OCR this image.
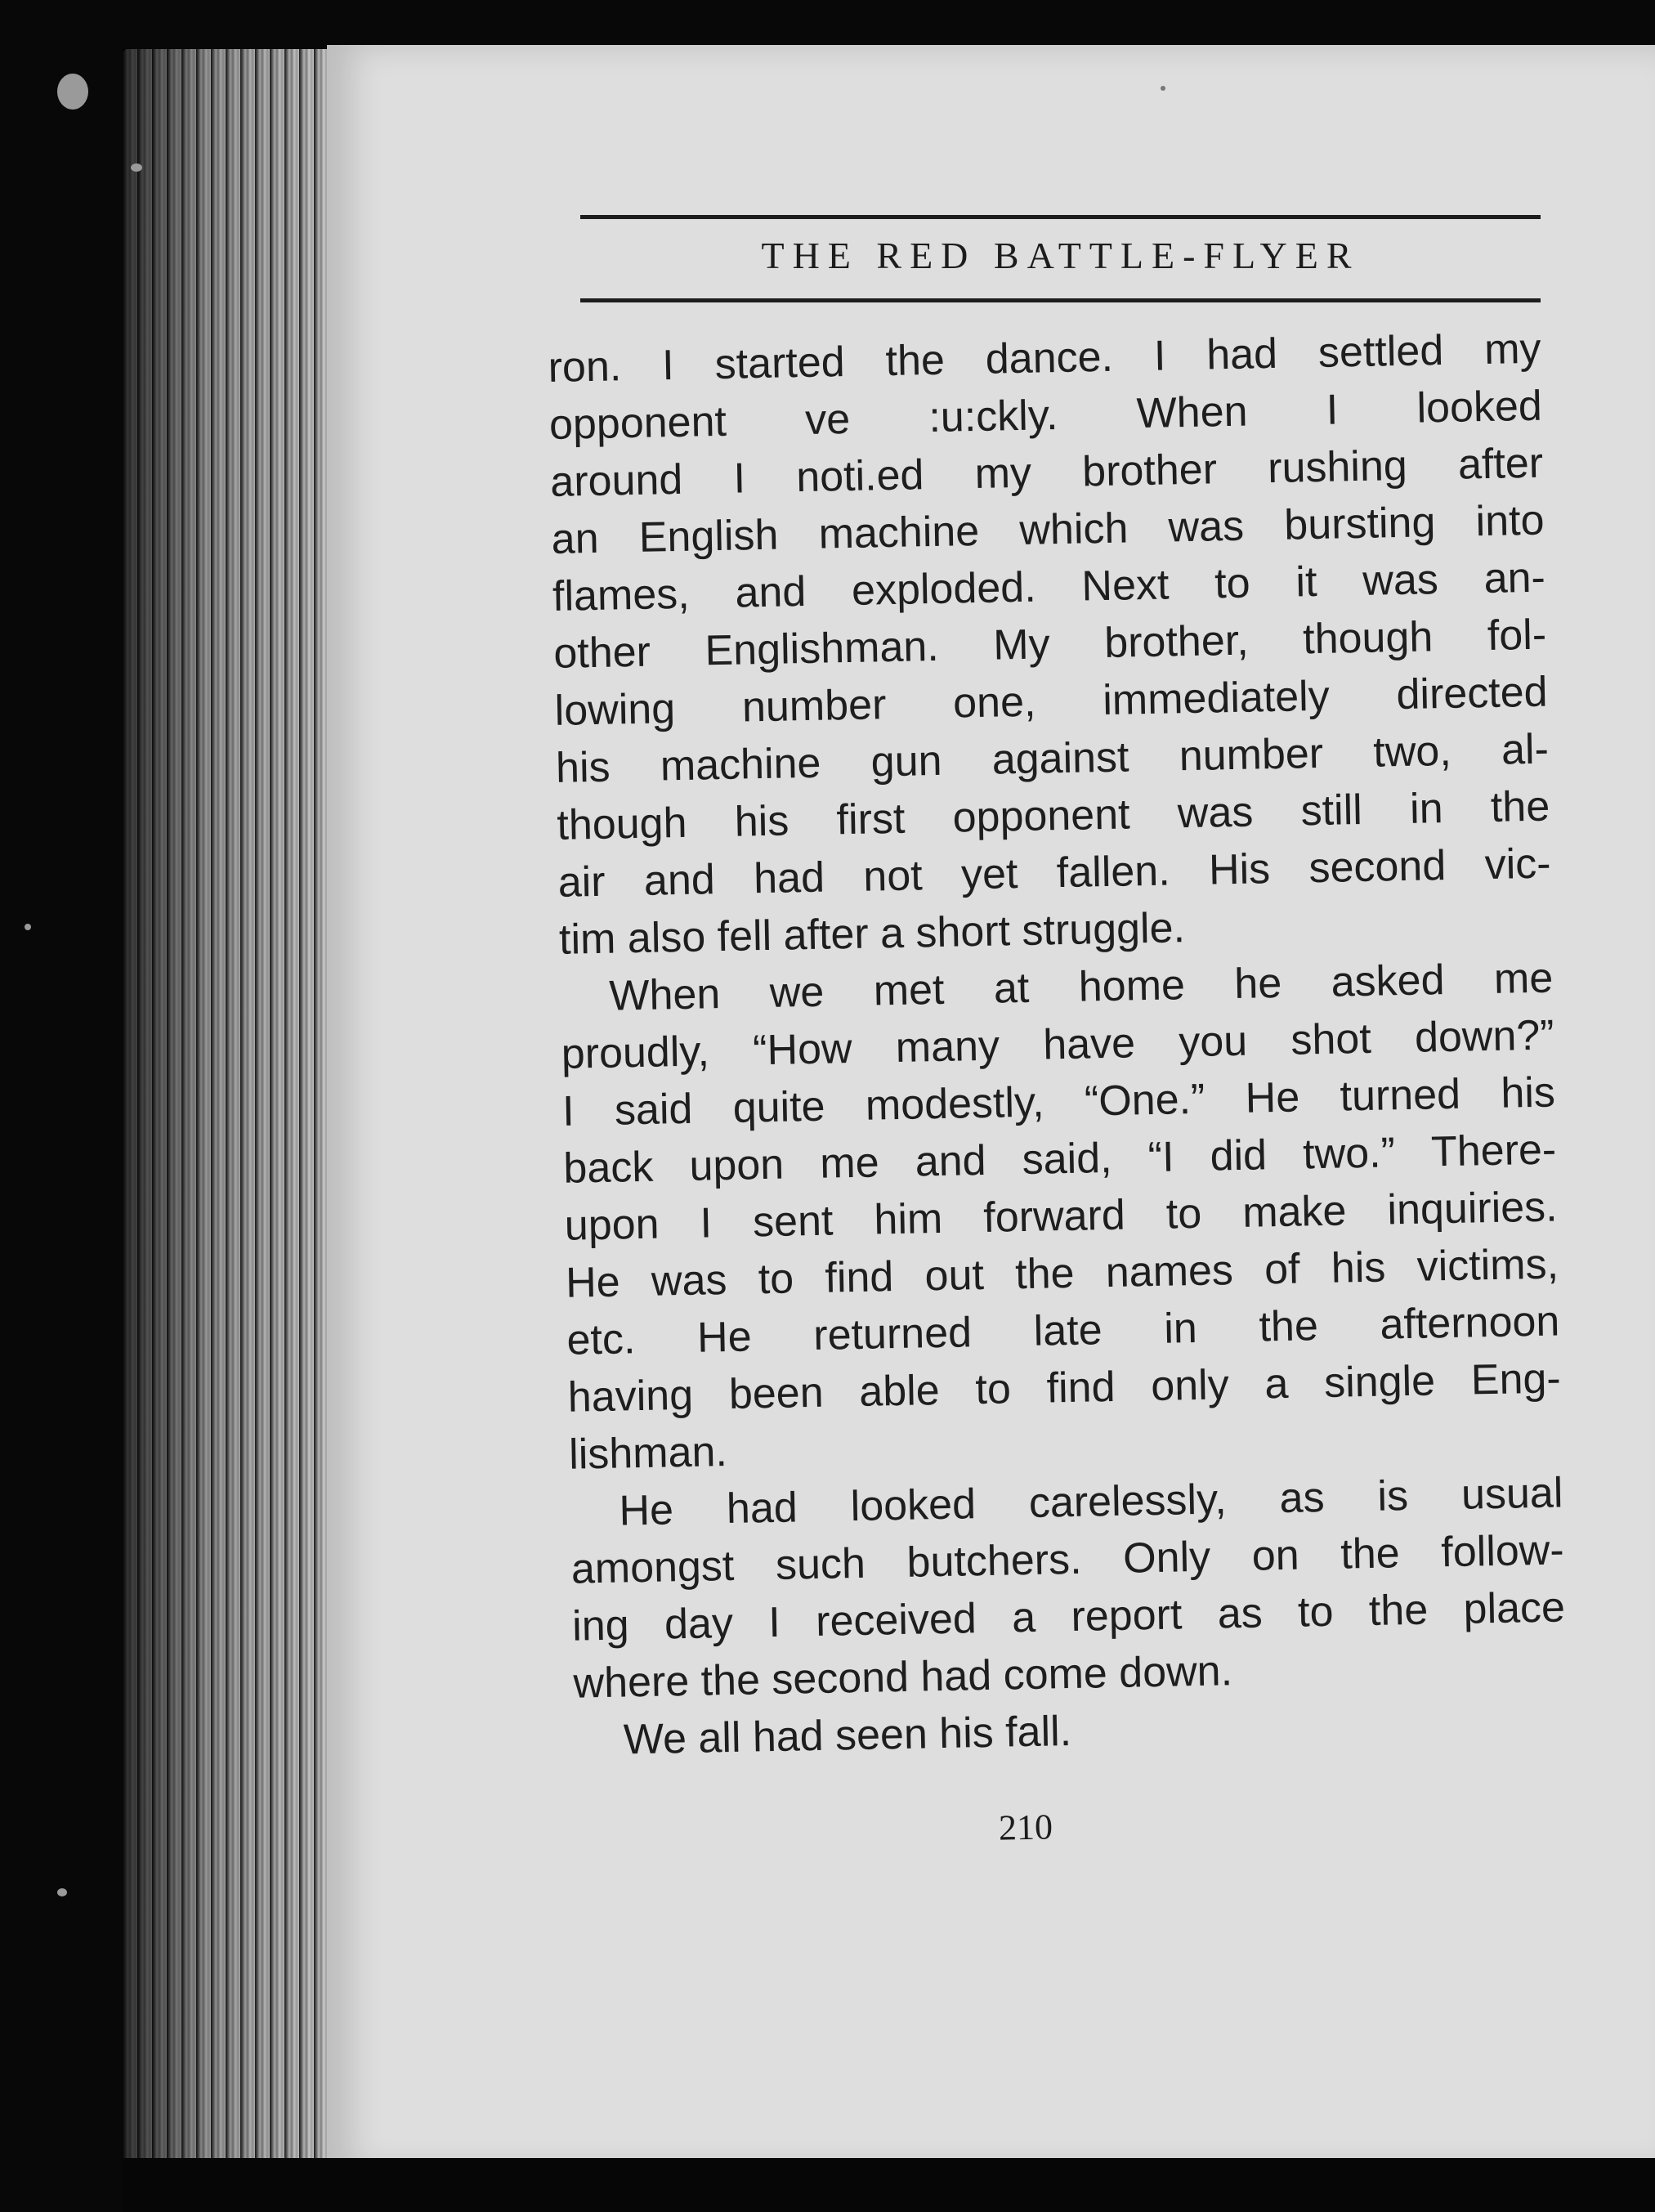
THE RED BATTLE-FLYER
ron. I started the dance. I had settled my
opponent ve :u:ckly. When I looked
around I noti.ed my brother rushing after
an English machine which was bursting into
flames, and exploded. Next to it was an-
other Englishman. My brother, though fol-
lowing number one, immediately directed
his machine gun against number two, al-
though his first opponent was still in the
air and had not yet fallen. His second vic-
tim also fell after a short struggle.
When we met at home he asked me
proudly, “How many have you shot down?”
I said quite modestly, “One.” He turned his
back upon me and said, “I did two.” There-
upon I sent him forward to make inquiries.
He was to find out the names of his victims,
etc. He returned late in the afternoon
having been able to find only a single Eng-
lishman.
He had looked carelessly, as is usual
amongst such butchers. Only on the follow-
ing day I received a report as to the place
where the second had come down.
We all had seen his fall.
210
